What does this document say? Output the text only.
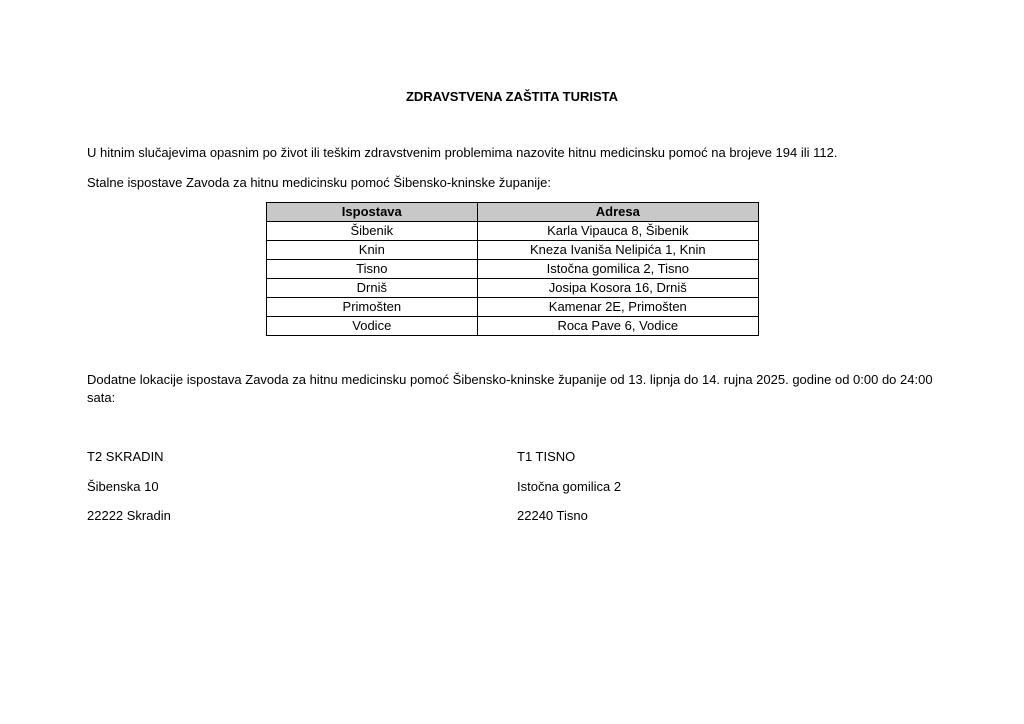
ZDRAVSTVENA ZAŠTITA TURISTA
U hitnim slučajevima opasnim po život ili teškim zdravstvenim problemima nazovite hitnu medicinsku pomoć na brojeve 194 ili 112.
Stalne ispostave Zavoda za hitnu medicinsku pomoć Šibensko-kninske županije:
Ispostava	Adresa
Šibenik	Karla Vipauca 8, Šibenik
Knin	Kneza Ivaniša Nelipića 1, Knin
Tisno	Istočna gomilica 2, Tisno
Drniš	Josipa Kosora 16, Drniš
Primošten	Kamenar 2E, Primošten
Vodice	Roca Pave 6, Vodice
Dodatne lokacije ispostava Zavoda za hitnu medicinsku pomoć Šibensko-kninske županije od 13. lipnja do 14. rujna 2025. godine od 0:00 do 24:00 sata:
T2 SKRADIN
Šibenska 10
22222 Skradin
T1 TISNO
Istočna gomilica 2
22240 Tisno
